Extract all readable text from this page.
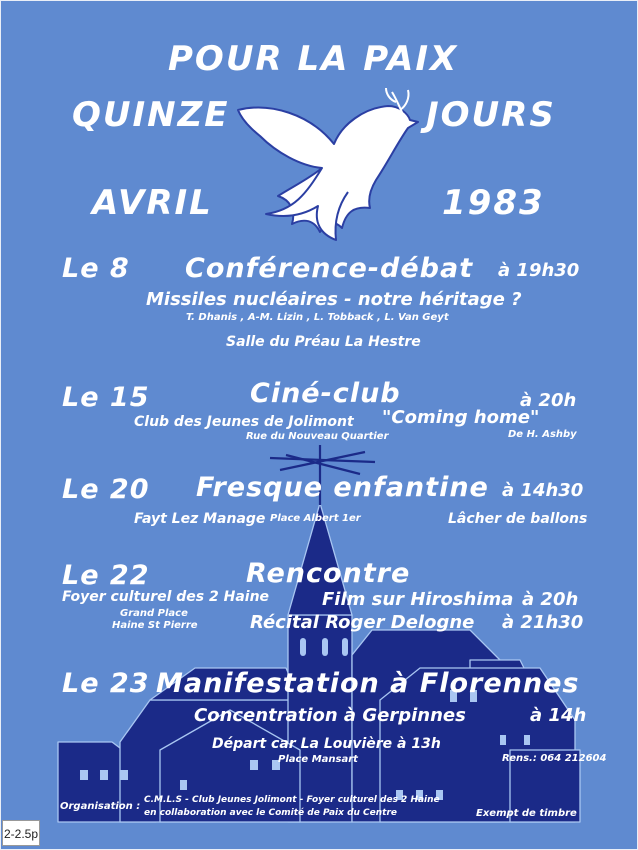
POUR LA PAIX
QUINZE	JOURS
AVRIL	1983
Le 8 Conférence-débat à 19h30
Missiles nucléaires - notre héritage ?
T. Dhanis , A-M. Lizin , L. Tobback , L. Van Geyt
Salle du Préau La Hestre
Le 15	Ciné-club	à 20h
Club des Jeunes de Jolimont "Coming home"
Rue du Nouveau Quartier	De H. Ashby
Le 20 Fresque enfantine à 14h30
Fayt Lez Manage Place Albert 1er	Lâcher de ballons
Le 22	Rencontre
Foyer culturel des 2 Haine
Grand Place
Haine St Pierre
Film sur Hiroshima à 20h
Récital Roger Delogne à 21h30
Le 23 Manifestation à Florennes
Concentration à Gerpinnes	à 14h
Départ car La Louvière à 13h
Place Mansart	Rens.: 064 212604
Organisation :
C.M.L.S - Club Jeunes Jolimont - Foyer culturel des 2 Haine
en collaboration avec le Comité de Paix du Centre	Exempt de timbre
2-2.5p
